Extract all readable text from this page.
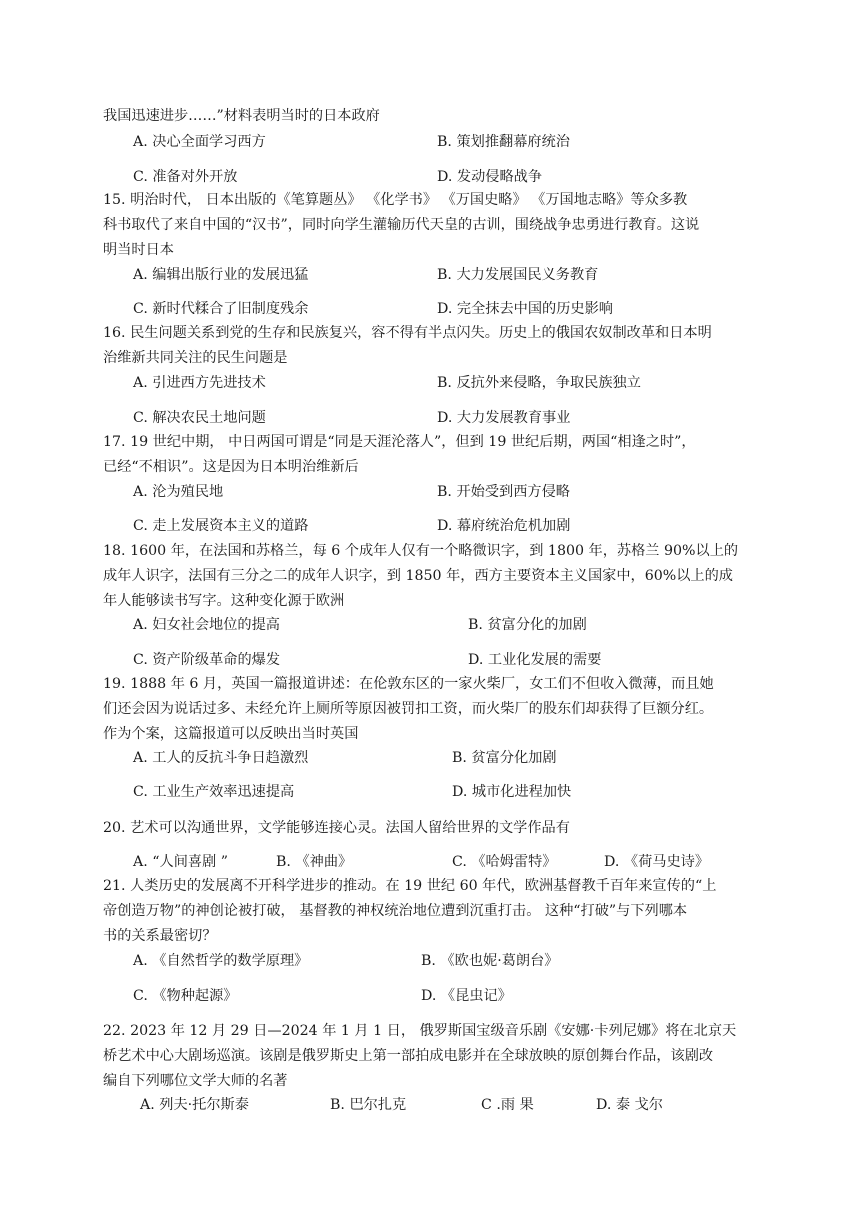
我国迅速进步……”材料表明当时的日本政府
A. 决心全面学习西方	B. 策划推翻幕府统治
C. 准备对外开放	D. 发动侵略战争
15. 明治时代， 日本出版的《笔算题丛》 《化学书》 《万国史略》 《万国地志略》等众多教
科书取代了来自中国的“汉书”，同时向学生灌输历代天皇的古训，围绕战争忠勇进行教育。这说
明当时日本
A. 编辑出版行业的发展迅猛	B. 大力发展国民义务教育
C. 新时代糅合了旧制度残余	D. 完全抹去中国的历史影响
16. 民生问题关系到党的生存和民族复兴，容不得有半点闪失。历史上的俄国农奴制改革和日本明
治维新共同关注的民生问题是
A. 引进西方先进技术	B. 反抗外来侵略，争取民族独立
C. 解决农民土地问题	D. 大力发展教育事业
17. 19 世纪中期， 中日两国可谓是“同是天涯沦落人”，但到 19 世纪后期，两国“相逢之时”，
已经“不相识”。这是因为日本明治维新后
A. 沦为殖民地	B. 开始受到西方侵略
C. 走上发展资本主义的道路	D. 幕府统治危机加剧
18. 1600 年，在法国和苏格兰，每 6 个成年人仅有一个略微识字，到 1800 年，苏格兰 90%以上的
成年人识字，法国有三分之二的成年人识字，到 1850 年，西方主要资本主义国家中，60%以上的成
年人能够读书写字。这种变化源于欧洲
A. 妇女社会地位的提高	B. 贫富分化的加剧
C. 资产阶级革命的爆发	D. 工业化发展的需要
19. 1888 年 6 月，英国一篇报道讲述：在伦敦东区的一家火柴厂，女工们不但收入微薄，而且她
们还会因为说话过多、未经允许上厕所等原因被罚扣工资，而火柴厂的股东们却获得了巨额分红。
作为个案，这篇报道可以反映出当时英国
A. 工人的反抗斗争日趋激烈	B. 贫富分化加剧
C. 工业生产效率迅速提高	D. 城市化进程加快
20. 艺术可以沟通世界，文学能够连接心灵。法国人留给世界的文学作品有
A. “人间喜剧 ”	B. 《神曲》	C. 《哈姆雷特》	D. 《荷马史诗》
21. 人类历史的发展离不开科学进步的推动。在 19 世纪 60 年代，欧洲基督教千百年来宣传的“上
帝创造万物”的神创论被打破， 基督教的神权统治地位遭到沉重打击。 这种“打破”与下列哪本
书的关系最密切？
A. 《自然哲学的数学原理》	B. 《欧也妮·葛朗台》
C. 《物种起源》	D. 《昆虫记》
22. 2023 年 12 月 29 日—2024 年 1 月 1 日， 俄罗斯国宝级音乐剧《安娜·卡列尼娜》将在北京天
桥艺术中心大剧场巡演。该剧是俄罗斯史上第一部拍成电影并在全球放映的原创舞台作品，该剧改
编自下列哪位文学大师的名著
A. 列夫·托尔斯泰	B. 巴尔扎克	C .雨 果	D. 泰 戈尔
